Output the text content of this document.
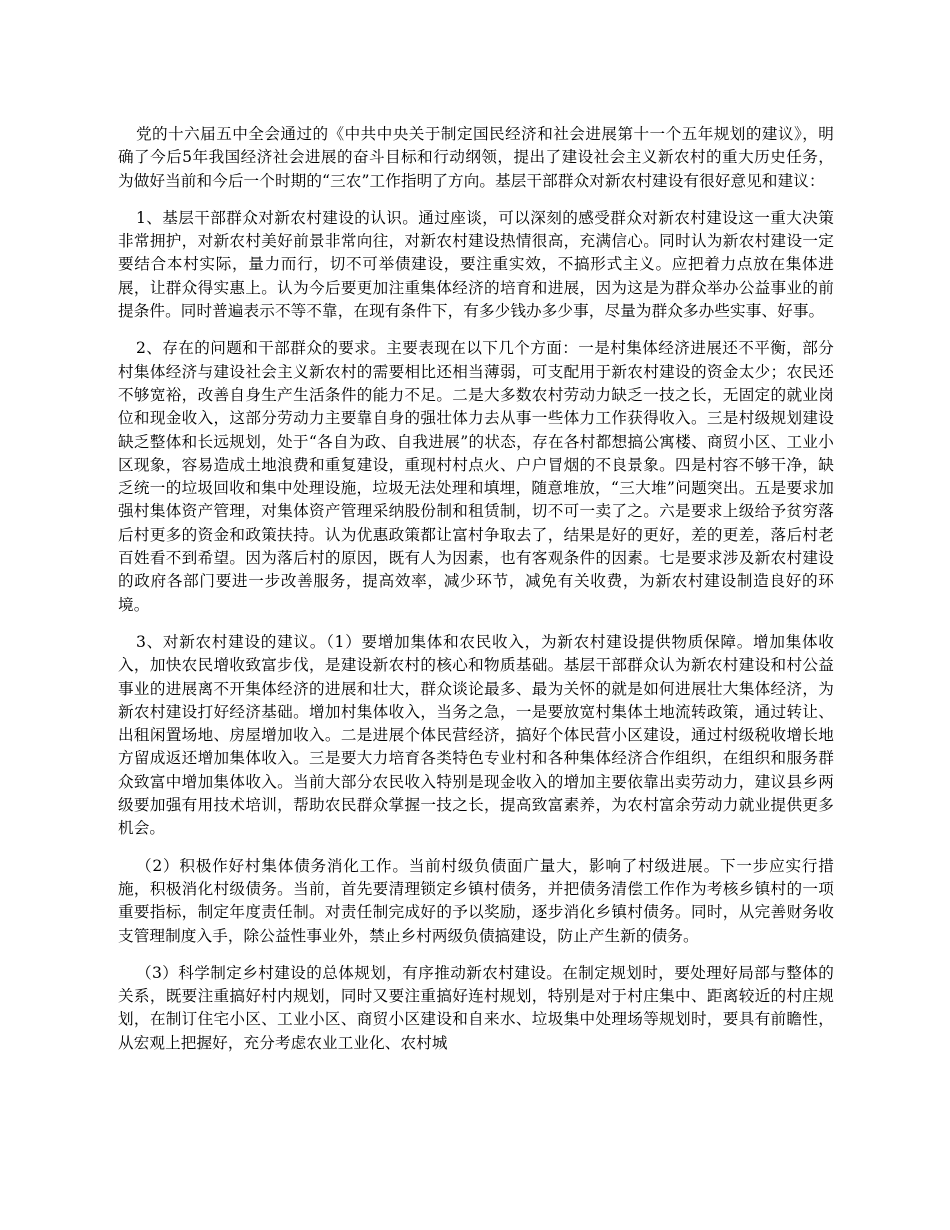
党的十六届五中全会通过的《中共中央关于制定国民经济和社会进展第十一个五年规划的建议》，明确了今后5年我国经济社会进展的奋斗目标和行动纲领，提出了建设社会主义新农村的重大历史任务，为做好当前和今后一个时期的“三农”工作指明了方向。基层干部群众对新农村建设有很好意见和建议：

1、基层干部群众对新农村建设的认识。通过座谈，可以深刻的感受群众对新农村建设这一重大决策非常拥护，对新农村美好前景非常向往，对新农村建设热情很高，充满信心。同时认为新农村建设一定要结合本村实际，量力而行，切不可举债建设，要注重实效，不搞形式主义。应把着力点放在集体进展，让群众得实惠上。认为今后要更加注重集体经济的培育和进展，因为这是为群众举办公益事业的前提条件。同时普遍表示不等不靠，在现有条件下，有多少钱办多少事，尽量为群众多办些实事、好事。

2、存在的问题和干部群众的要求。主要表现在以下几个方面：一是村集体经济进展还不平衡，部分村集体经济与建设社会主义新农村的需要相比还相当薄弱，可支配用于新农村建设的资金太少；农民还不够宽裕，改善自身生产生活条件的能力不足。二是大多数农村劳动力缺乏一技之长，无固定的就业岗位和现金收入，这部分劳动力主要靠自身的强壮体力去从事一些体力工作获得收入。三是村级规划建设缺乏整体和长远规划，处于“各自为政、自我进展”的状态，存在各村都想搞公寓楼、商贸小区、工业小区现象，容易造成土地浪费和重复建设，重现村村点火、户户冒烟的不良景象。四是村容不够干净，缺乏统一的垃圾回收和集中处理设施，垃圾无法处理和填埋，随意堆放，“三大堆”问题突出。五是要求加强村集体资产管理，对集体资产管理采纳股份制和租赁制，切不可一卖了之。六是要求上级给予贫穷落后村更多的资金和政策扶持。认为优惠政策都让富村争取去了，结果是好的更好，差的更差，落后村老百姓看不到希望。因为落后村的原因，既有人为因素，也有客观条件的因素。七是要求涉及新农村建设的政府各部门要进一步改善服务，提高效率，减少环节，减免有关收费，为新农村建设制造良好的环境。

3、对新农村建设的建议。（1）要增加集体和农民收入，为新农村建设提供物质保障。增加集体收入，加快农民增收致富步伐，是建设新农村的核心和物质基础。基层干部群众认为新农村建设和村公益事业的进展离不开集体经济的进展和壮大，群众谈论最多、最为关怀的就是如何进展壮大集体经济，为新农村建设打好经济基础。增加村集体收入，当务之急，一是要放宽村集体土地流转政策，通过转让、出租闲置场地、房屋增加收入。二是进展个体民营经济，搞好个体民营小区建设，通过村级税收增长地方留成返还增加集体收入。三是要大力培育各类特色专业村和各种集体经济合作组织，在组织和服务群众致富中增加集体收入。当前大部分农民收入特别是现金收入的增加主要依靠出卖劳动力，建议县乡两级要加强有用技术培训，帮助农民群众掌握一技之长，提高致富素养，为农村富余劳动力就业提供更多机会。

（2）积极作好村集体债务消化工作。当前村级负债面广量大，影响了村级进展。下一步应实行措施，积极消化村级债务。当前，首先要清理锁定乡镇村债务，并把债务清偿工作作为考核乡镇村的一项重要指标，制定年度责任制。对责任制完成好的予以奖励，逐步消化乡镇村债务。同时，从完善财务收支管理制度入手，除公益性事业外，禁止乡村两级负债搞建设，防止产生新的债务。

（3）科学制定乡村建设的总体规划，有序推动新农村建设。在制定规划时，要处理好局部与整体的关系，既要注重搞好村内规划，同时又要注重搞好连村规划，特别是对于村庄集中、距离较近的村庄规划，在制订住宅小区、工业小区、商贸小区建设和自来水、垃圾集中处理场等规划时，要具有前瞻性，从宏观上把握好，充分考虑农业工业化、农村城
